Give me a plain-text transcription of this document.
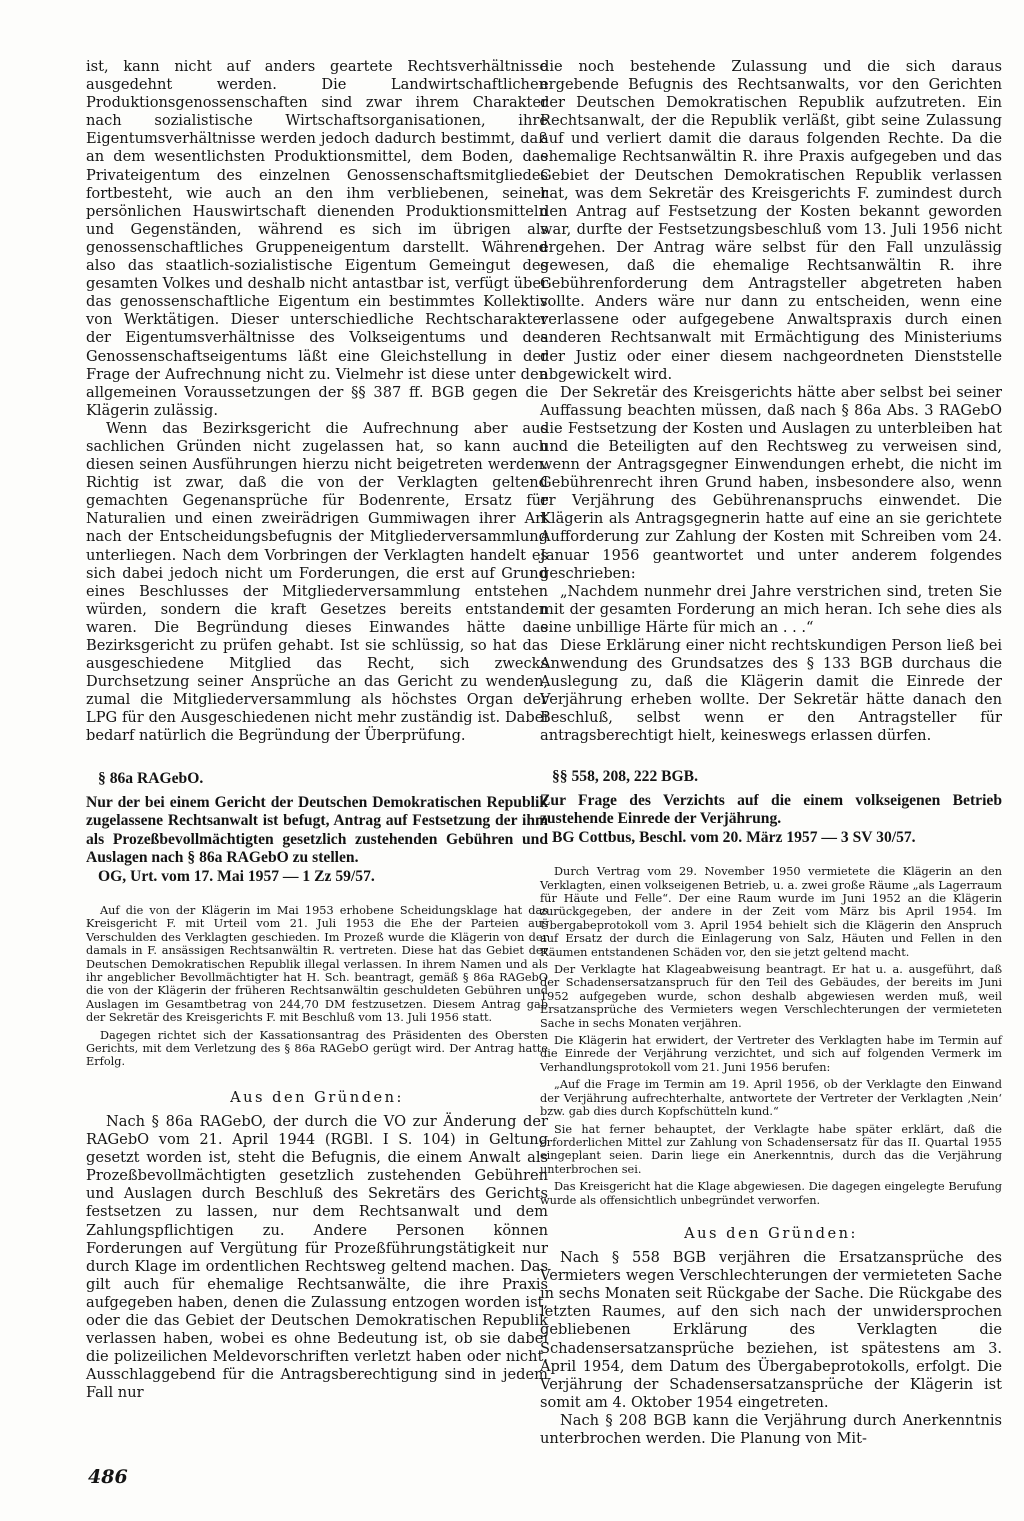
ist, kann nicht auf anders geartete Rechtsverhältnisse ausgedehnt werden. Die Landwirtschaftlichen Produktionsgenossenschaften sind zwar ihrem Charakter nach sozialistische Wirtschaftsorganisationen, ihre Eigentumsverhältnisse werden jedoch dadurch bestimmt, daß an dem wesentlichsten Produktionsmittel, dem Boden, das Privateigentum des einzelnen Genossenschaftsmitgliedes fortbesteht, wie auch an den ihm verbliebenen, seiner persönlichen Hauswirtschaft dienenden Produktionsmitteln und Gegenständen, während es sich im übrigen als genossenschaftliches Gruppeneigentum darstellt. Während also das staatlich-sozialistische Eigentum Gemeingut des gesamten Volkes und deshalb nicht antastbar ist, verfügt über das genossenschaftliche Eigentum ein bestimmtes Kollektiv von Werktätigen. Dieser unterschiedliche Rechtscharakter der Eigentumsverhältnisse des Volkseigentums und des Genossenschaftseigentums läßt eine Gleichstellung in der Frage der Aufrechnung nicht zu. Vielmehr ist diese unter den allgemeinen Voraussetzungen der §§ 387 ff. BGB gegen die Klägerin zulässig.

Wenn das Bezirksgericht die Aufrechnung aber aus sachlichen Gründen nicht zugelassen hat, so kann auch diesen seinen Ausführungen hierzu nicht beigetreten werden. Richtig ist zwar, daß die von der Verklagten geltend gemachten Gegenansprüche für Bodenrente, Ersatz für Naturalien und einen zweirädrigen Gummiwagen ihrer Art nach der Entscheidungsbefugnis der Mitgliederversammlung unterliegen. Nach dem Vorbringen der Verklagten handelt es sich dabei jedoch nicht um Forderungen, die erst auf Grund eines Beschlusses der Mitgliederversammlung entstehen würden, sondern die kraft Gesetzes bereits entstanden waren. Die Begründung dieses Einwandes hätte das Bezirksgericht zu prüfen gehabt. Ist sie schlüssig, so hat das ausgeschiedene Mitglied das Recht, sich zwecks Durchsetzung seiner Ansprüche an das Gericht zu wenden, zumal die Mitgliederversammlung als höchstes Organ der LPG für den Ausgeschiedenen nicht mehr zuständig ist. Dabei bedarf natürlich die Begründung der Überprüfung.

§ 86a RAGebO.

Nur der bei einem Gericht der Deutschen Demokratischen Republik zugelassene Rechtsanwalt ist befugt, Antrag auf Festsetzung der ihm als Prozeßbevollmächtigten gesetzlich zustehenden Gebühren und Auslagen nach § 86a RAGebO zu stellen.

OG, Urt. vom 17. Mai 1957 — 1 Zz 59/57.

Auf die von der Klägerin im Mai 1953 erhobene Scheidungsklage hat das Kreisgericht F. mit Urteil vom 21. Juli 1953 die Ehe der Parteien aus Verschulden des Verklagten geschieden. Im Prozeß wurde die Klägerin von der damals in F. ansässigen Rechtsanwältin R. vertreten. Diese hat das Gebiet der Deutschen Demokratischen Republik illegal verlassen. In ihrem Namen und als ihr angeblicher Bevollmächtigter hat H. Sch. beantragt, gemäß § 86a RAGebO die von der Klägerin der früheren Rechtsanwältin geschuldeten Gebühren und Auslagen im Gesamtbetrag von 244,70 DM festzusetzen. Diesem Antrag gab der Sekretär des Kreisgerichts F. mit Beschluß vom 13. Juli 1956 statt.

Dagegen richtet sich der Kassationsantrag des Präsidenten des Obersten Gerichts, mit dem Verletzung des § 86a RAGebO gerügt wird. Der Antrag hatte Erfolg.

Aus den Gründen:

Nach § 86a RAGebO, der durch die VO zur Änderung der RAGebO vom 21. April 1944 (RGBl. I S. 104) in Geltung gesetzt worden ist, steht die Befugnis, die einem Anwalt als Prozeßbevollmächtigten gesetzlich zustehenden Gebühren und Auslagen durch Beschluß des Sekretärs des Gerichts festsetzen zu lassen, nur dem Rechtsanwalt und dem Zahlungspflichtigen zu. Andere Personen können Forderungen auf Vergütung für Prozeßführungstätigkeit nur durch Klage im ordentlichen Rechtsweg geltend machen. Das gilt auch für ehemalige Rechtsanwälte, die ihre Praxis aufgegeben haben, denen die Zulassung entzogen worden ist, oder die das Gebiet der Deutschen Demokratischen Republik verlassen haben, wobei es ohne Bedeutung ist, ob sie dabei die polizeilichen Meldevorschriften verletzt haben oder nicht. Ausschlaggebend für die Antragsberechtigung sind in jedem Fall nur

die noch bestehende Zulassung und die sich daraus ergebende Befugnis des Rechtsanwalts, vor den Gerichten der Deutschen Demokratischen Republik aufzutreten. Ein Rechtsanwalt, der die Republik verläßt, gibt seine Zulassung auf und verliert damit die daraus folgenden Rechte. Da die ehemalige Rechtsanwältin R. ihre Praxis aufgegeben und das Gebiet der Deutschen Demokratischen Republik verlassen hat, was dem Sekretär des Kreisgerichts F. zumindest durch den Antrag auf Festsetzung der Kosten bekannt geworden war, durfte der Festsetzungsbeschluß vom 13. Juli 1956 nicht ergehen. Der Antrag wäre selbst für den Fall unzulässig gewesen, daß die ehemalige Rechtsanwältin R. ihre Gebührenforderung dem Antragsteller abgetreten haben sollte. Anders wäre nur dann zu entscheiden, wenn eine verlassene oder aufgegebene Anwaltspraxis durch einen anderen Rechtsanwalt mit Ermächtigung des Ministeriums der Justiz oder einer diesem nachgeordneten Dienststelle abgewickelt wird.

Der Sekretär des Kreisgerichts hätte aber selbst bei seiner Auffassung beachten müssen, daß nach § 86a Abs. 3 RAGebO die Festsetzung der Kosten und Auslagen zu unterbleiben hat und die Beteiligten auf den Rechtsweg zu verweisen sind, wenn der Antragsgegner Einwendungen erhebt, die nicht im Gebührenrecht ihren Grund haben, insbesondere also, wenn er Verjährung des Gebührenanspruchs einwendet. Die Klägerin als Antragsgegnerin hatte auf eine an sie gerichtete Aufforderung zur Zahlung der Kosten mit Schreiben vom 24. Januar 1956 geantwortet und unter anderem folgendes geschrieben:

„Nachdem nunmehr drei Jahre verstrichen sind, treten Sie mit der gesamten Forderung an mich heran. Ich sehe dies als eine unbillige Härte für mich an . . .“

Diese Erklärung einer nicht rechtskundigen Person ließ bei Anwendung des Grundsatzes des § 133 BGB durchaus die Auslegung zu, daß die Klägerin damit die Einrede der Verjährung erheben wollte. Der Sekretär hätte danach den Beschluß, selbst wenn er den Antragsteller für antragsberechtigt hielt, keineswegs erlassen dürfen.

§§ 558, 208, 222 BGB.

Zur Frage des Verzichts auf die einem volkseigenen Betrieb zustehende Einrede der Verjährung.

BG Cottbus, Beschl. vom 20. März 1957 — 3 SV 30/57.

Durch Vertrag vom 29. November 1950 vermietete die Klägerin an den Verklagten, einen volkseigenen Betrieb, u. a. zwei große Räume „als Lagerraum für Häute und Felle“. Der eine Raum wurde im Juni 1952 an die Klägerin zurückgegeben, der andere in der Zeit vom März bis April 1954. Im Übergabeprotokoll vom 3. April 1954 behielt sich die Klägerin den Anspruch auf Ersatz der durch die Einlagerung von Salz, Häuten und Fellen in den Räumen entstandenen Schäden vor, den sie jetzt geltend macht.

Der Verklagte hat Klageabweisung beantragt. Er hat u. a. ausgeführt, daß der Schadensersatzanspruch für den Teil des Gebäudes, der bereits im Juni 1952 aufgegeben wurde, schon deshalb abgewiesen werden muß, weil Ersatzansprüche des Vermieters wegen Verschlechterungen der vermieteten Sache in sechs Monaten verjähren.

Die Klägerin hat erwidert, der Vertreter des Verklagten habe im Termin auf die Einrede der Verjährung verzichtet, und sich auf folgenden Vermerk im Verhandlungsprotokoll vom 21. Juni 1956 berufen:

„Auf die Frage im Termin am 19. April 1956, ob der Verklagte den Einwand der Verjährung aufrechterhalte, antwortete der Vertreter der Verklagten ‚Nein‘ bzw. gab dies durch Kopfschütteln kund.“

Sie hat ferner behauptet, der Verklagte habe später erklärt, daß die erforderlichen Mittel zur Zahlung von Schadensersatz für das II. Quartal 1955 eingeplant seien. Darin liege ein Anerkenntnis, durch das die Verjährung unterbrochen sei.

Das Kreisgericht hat die Klage abgewiesen. Die dagegen eingelegte Berufung wurde als offensichtlich unbegründet verworfen.

Aus den Gründen:

Nach § 558 BGB verjähren die Ersatzansprüche des Vermieters wegen Verschlechterungen der vermieteten Sache in sechs Monaten seit Rückgabe der Sache. Die Rückgabe des letzten Raumes, auf den sich nach der unwidersprochen gebliebenen Erklärung des Verklagten die Schadensersatzansprüche beziehen, ist spätestens am 3. April 1954, dem Datum des Übergabeprotokolls, erfolgt. Die Verjährung der Schadensersatzansprüche der Klägerin ist somit am 4. Oktober 1954 eingetreten.

Nach § 208 BGB kann die Verjährung durch Anerkenntnis unterbrochen werden. Die Planung von Mit-

486
